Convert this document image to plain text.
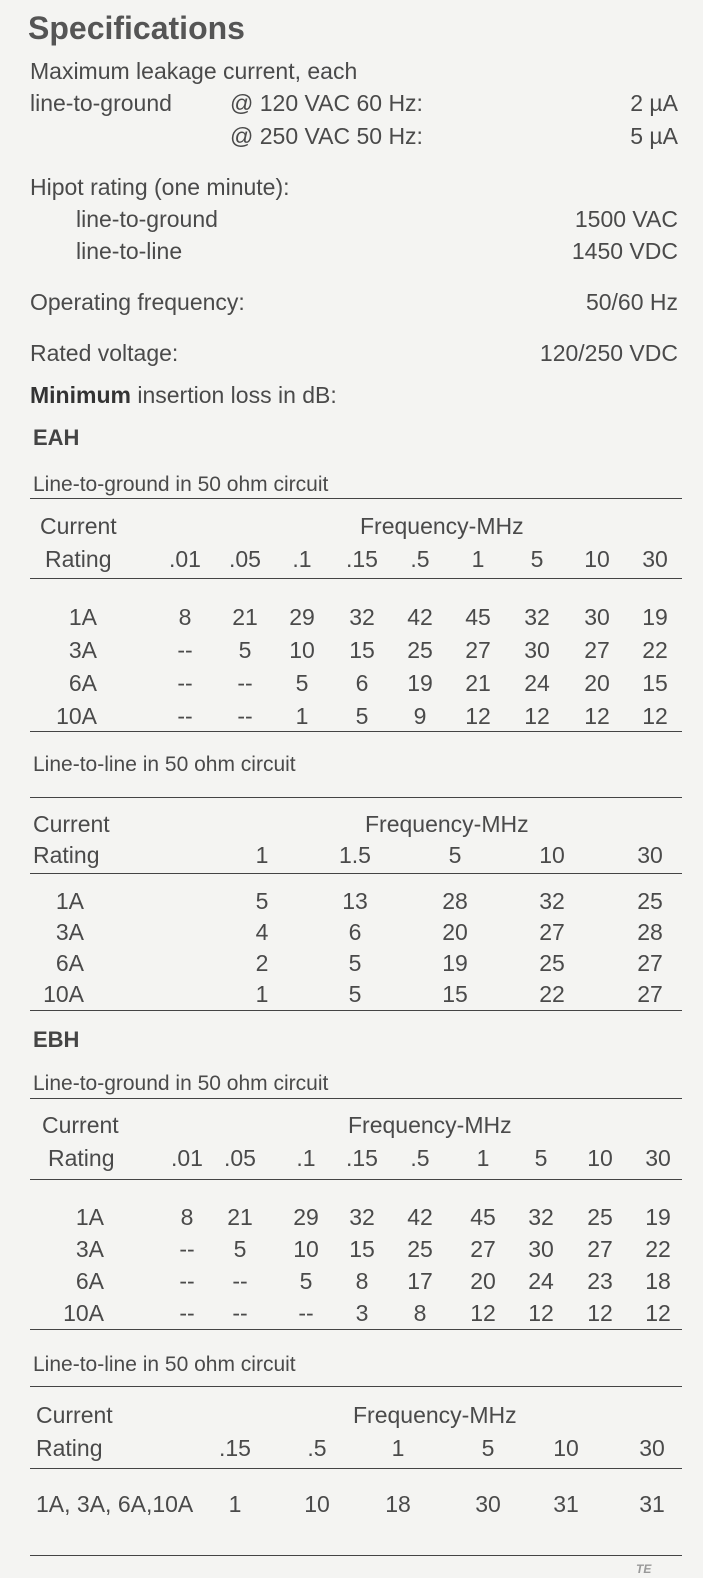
Specifications
Maximum leakage current, each
line-to-ground	@ 120 VAC 60 Hz:	2 µA
@ 250 VAC 50 Hz:	5 µA
Hipot rating (one minute):
line-to-ground	1500 VAC
line-to-line	1450 VDC
Operating frequency:	50/60 Hz
Rated voltage:	120/250 VDC
Minimum insertion loss in dB:
EAH
Line-to-ground in 50 ohm circuit
Current	Frequency-MHz
Rating	.01	.05	.1	.15	.5	1	5	10	30
1A	8	21	29	32	42	45	32	30	19
3A	--	5	10	15	25	27	30	27	22
6A	--	--	5	6	19	21	24	20	15
10A	--	--	1	5	9	12	12	12	12
Line-to-line in 50 ohm circuit
Current	Frequency-MHz
Rating	1	1.5	5	10	30
1A	5	13	28	32	25
3A	4	6	20	27	28
6A	2	5	19	25	27
10A	1	5	15	22	27
EBH
Line-to-ground in 50 ohm circuit
Current	Frequency-MHz
Rating	.01 .05	.1	.15	.5	1	5	10	30
1A	8	21	29	32	42	45	32	25	19
3A	--	5	10	15	25	27	30	27	22
6A	--	--	5	8	17	20	24	23	18
10A	--	--	--	3	8	12	12	12	12
Line-to-line in 50 ohm circuit
Current	Frequency-MHz
Rating	.15	.5	1	5	10	30
1A, 3A, 6A,10A	1	10	18	30	31	31
TE
